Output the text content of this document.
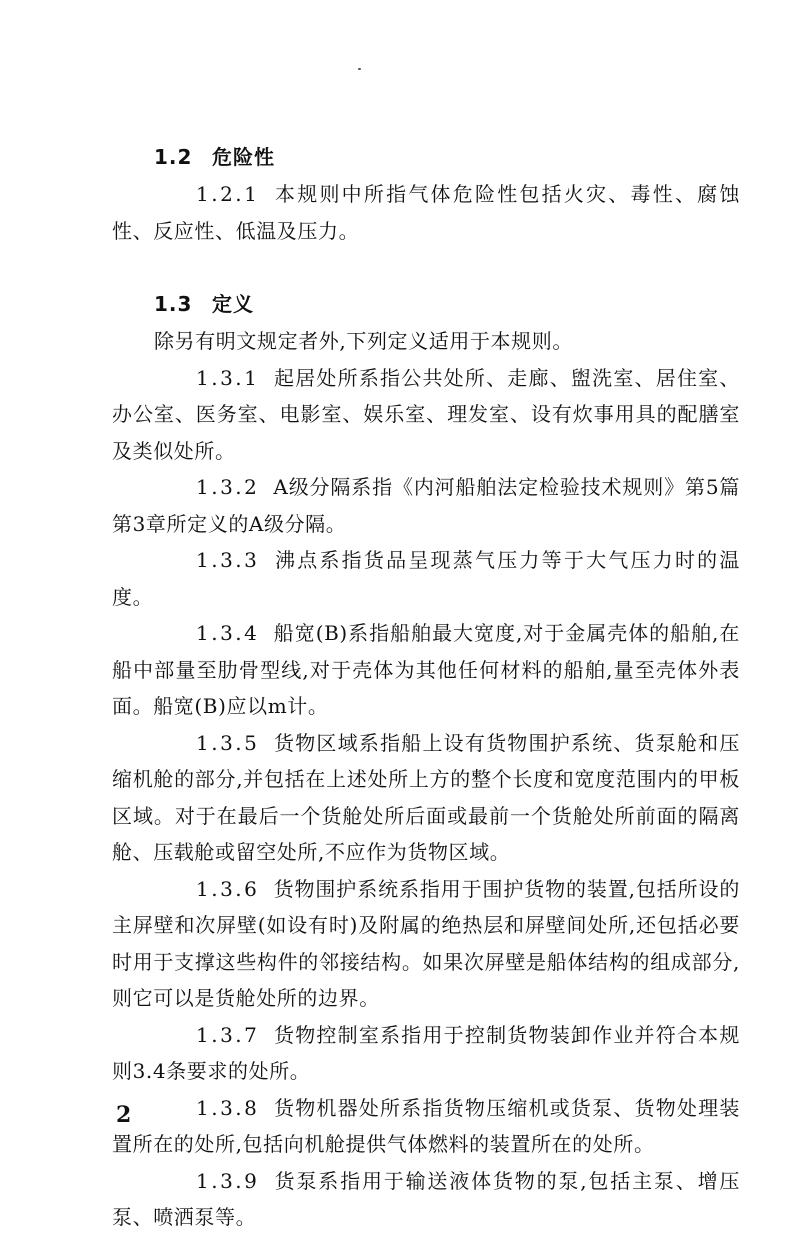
1.2 危险性

1.2.1 本规则中所指气体危险性包括火灾、毒性、腐蚀性、反应性、低温及压力。

1.3 定义

除另有明文规定者外,下列定义适用于本规则。

1.3.1 起居处所系指公共处所、走廊、盥洗室、居住室、办公室、医务室、电影室、娱乐室、理发室、设有炊事用具的配膳室及类似处所。

1.3.2 A级分隔系指《内河船舶法定检验技术规则》第5篇第3章所定义的A级分隔。

1.3.3 沸点系指货品呈现蒸气压力等于大气压力时的温度。

1.3.4 船宽(B)系指船舶最大宽度,对于金属壳体的船舶,在船中部量至肋骨型线,对于壳体为其他任何材料的船舶,量至壳体外表面。船宽(B)应以m计。

1.3.5 货物区域系指船上设有货物围护系统、货泵舱和压缩机舱的部分,并包括在上述处所上方的整个长度和宽度范围内的甲板区域。对于在最后一个货舱处所后面或最前一个货舱处所前面的隔离舱、压载舱或留空处所,不应作为货物区域。

1.3.6 货物围护系统系指用于围护货物的装置,包括所设的主屏壁和次屏壁(如设有时)及附属的绝热层和屏壁间处所,还包括必要时用于支撑这些构件的邻接结构。如果次屏壁是船体结构的组成部分,则它可以是货舱处所的边界。

1.3.7 货物控制室系指用于控制货物装卸作业并符合本规则3.4条要求的处所。

1.3.8 货物机器处所系指货物压缩机或货泵、货物处理装置所在的处所,包括向机舱提供气体燃料的装置所在的处所。

1.3.9 货泵系指用于输送液体货物的泵,包括主泵、增压泵、喷洒泵等。

2
